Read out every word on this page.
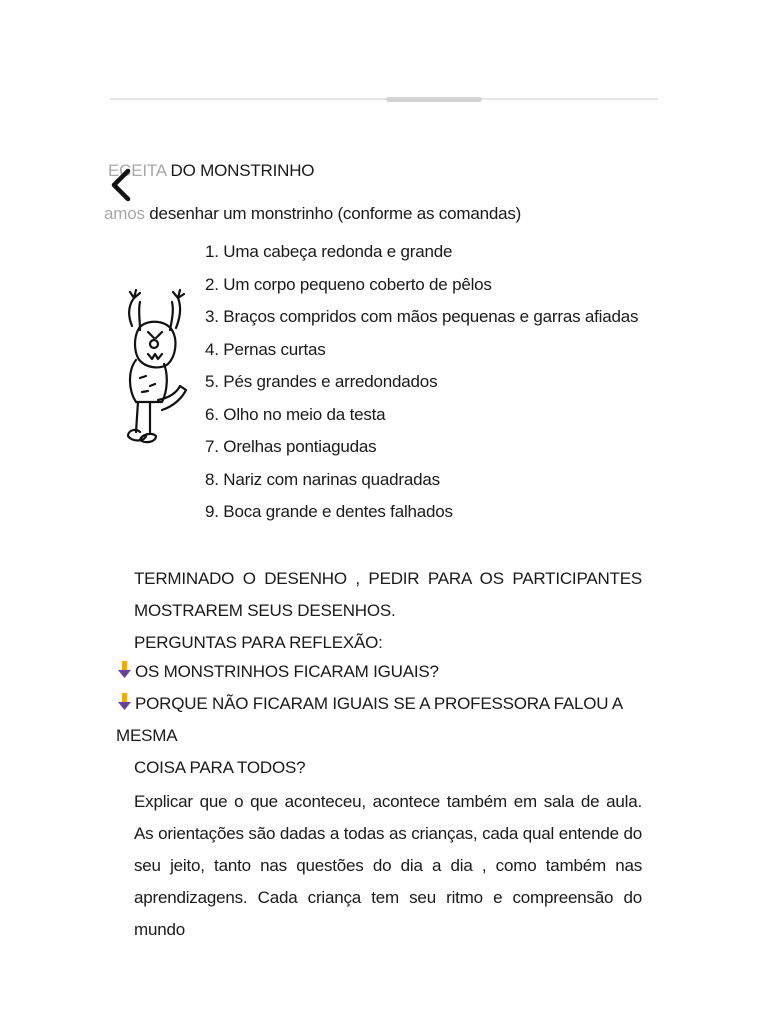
ECEITA DO MONSTRINHO
amos desenhar um monstrinho (conforme as comandas)
1. Uma cabeça redonda e grande
2. Um corpo pequeno coberto de pêlos
3. Braços compridos com mãos pequenas e garras afiadas
4. Pernas curtas
5. Pés grandes e arredondados
6. Olho no meio da testa
7. Orelhas pontiagudas
8. Nariz com narinas quadradas
9. Boca grande e dentes falhados
TERMINADO O DESENHO , PEDIR PARA OS PARTICIPANTES MOSTRAREM SEUS DESENHOS.
PERGUNTAS PARA REFLEXÃO:
OS MONSTRINHOS FICARAM IGUAIS?
PORQUE NÃO FICARAM IGUAIS SE A PROFESSORA FALOU A MESMA
COISA PARA TODOS?
Explicar que o que aconteceu, acontece também em sala de aula. As orientações são dadas a todas as crianças, cada qual entende do seu jeito, tanto nas questões do dia a dia , como também nas aprendizagens. Cada criança tem seu ritmo e compreensão do mundo
